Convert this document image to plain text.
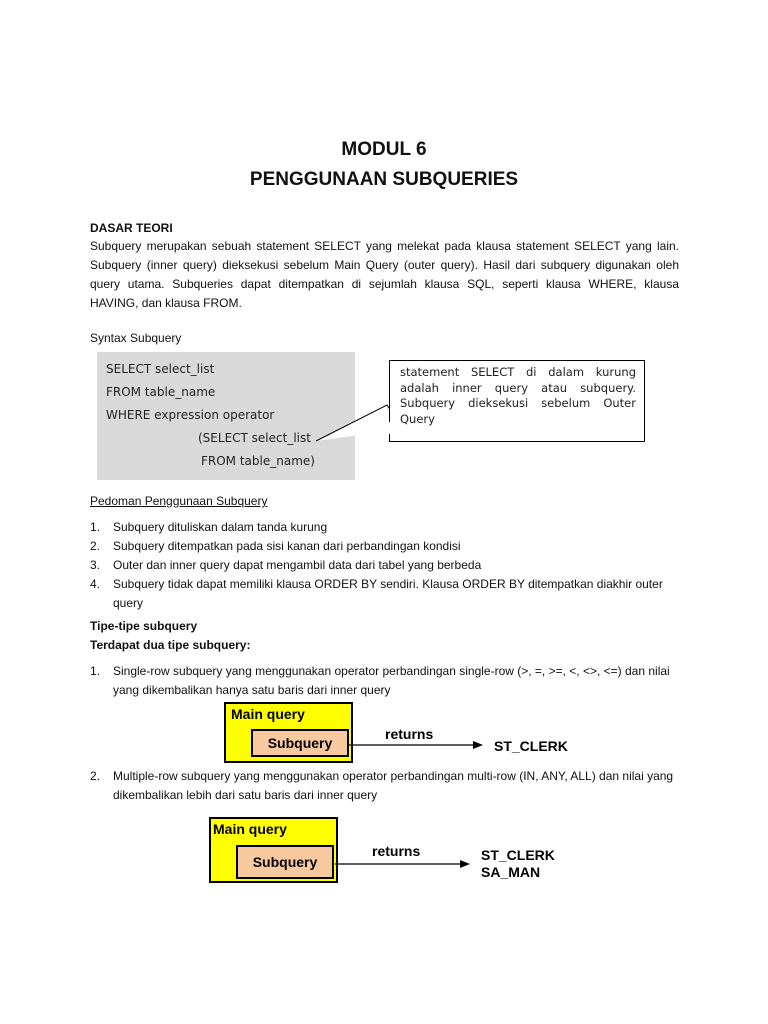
MODUL 6
PENGGUNAAN SUBQUERIES
DASAR TEORI
Subquery merupakan sebuah statement SELECT yang melekat pada klausa statement SELECT yang lain.
Subquery (inner query) dieksekusi sebelum Main Query (outer query). Hasil dari subquery digunakan oleh
query utama. Subqueries dapat ditempatkan di sejumlah klausa SQL, seperti klausa WHERE, klausa
HAVING, dan klausa FROM.
Syntax Subquery
SELECT select_list
FROM table_name
WHERE expression operator
(SELECT select_list
FROM table_name)
statement SELECT di dalam kurung adalah inner query atau subquery. Subquery dieksekusi sebelum Outer Query
Pedoman Penggunaan Subquery
1. Subquery dituliskan dalam tanda kurung
2. Subquery ditempatkan pada sisi kanan dari perbandingan kondisi
3. Outer dan inner query dapat mengambil data dari tabel yang berbeda
4. Subquery tidak dapat memiliki klausa ORDER BY sendiri. Klausa ORDER BY ditempatkan diakhir outer query
Tipe-tipe subquery
Terdapat dua tipe subquery:
1. Single-row subquery yang menggunakan operator perbandingan single-row (>, =, >=, <, <>, <=) dan nilai yang dikembalikan hanya satu baris dari inner query
Main query
Subquery
returns
ST_CLERK
2. Multiple-row subquery yang menggunakan operator perbandingan multi-row (IN, ANY, ALL) dan nilai yang dikembalikan lebih dari satu baris dari inner query
Main query
Subquery
returns	ST_CLERK
SA_MAN
